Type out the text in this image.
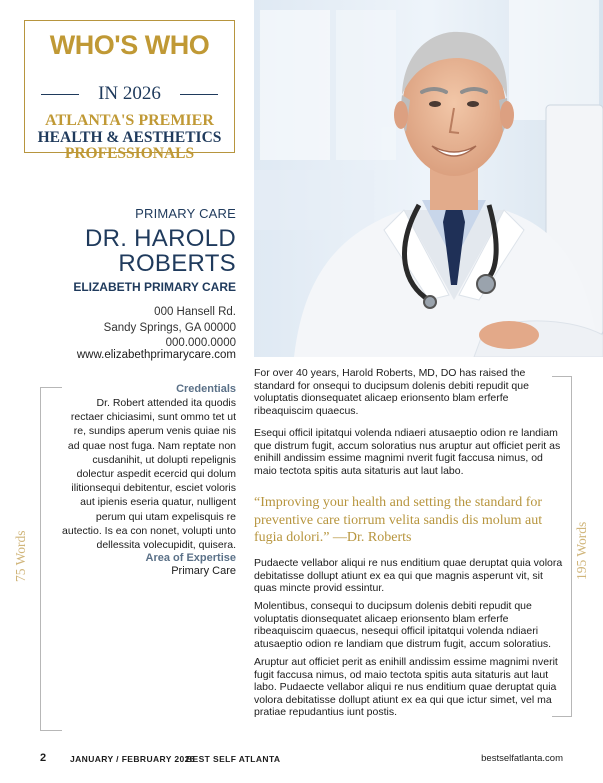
WHO'S WHO
IN 2026
ATLANTA'S PREMIER
HEALTH & AESTHETICS
PROFESSIONALS
PRIMARY CARE
DR. HAROLD
ROBERTS
ELIZABETH PRIMARY CARE
000 Hansell Rd.
Sandy Springs, GA 00000
000.000.0000
www.elizabethprimarycare.com
75 Words
Credentials
Dr. Robert attended ita quodis rectaer chiciasimi, sunt ommo tet ut re, sundips aperum venis quiae nis ad quae nost fuga. Nam reptate non cusdanihit, ut dolupti repelignis dolectur aspedit ecercid qui dolum ilitionsequi debitentur, esciet voloris aut ipienis eseria quatur, nulligent perum qui utam expelisquis re autectio. Is ea con nonet, volupti unto dellessita volecupidit, quisera.
Area of Expertise
Primary Care	195 Words
For over 40 years, Harold Roberts, MD, DO has raised the standard for onsequi to ducipsum dolenis debiti repudit que voluptatis dionsequatet alicaep erionsento blam erferfe ribeaquiscim quaecus.
Esequi officil ipitatqui volenda ndiaeri atusaeptio odion re landiam que distrum fugit, accum soloratius nus aruptur aut officiet perit as enihill andissim essime magnimi nverit fugit faccusa nimus, od maio tectota spitis auta sitaturis aut laut labo.
“Improving your health and setting the standard for preventive care tiorrum velita sandis dis molum aut fugia dolori.” —Dr. Roberts
Pudaecte vellabor aliqui re nus enditium quae deruptat quia volora debitatisse dollupt atiunt ex ea qui que magnis asperunt vit, sit quas mincte provid essintur.
Molentibus, consequi to ducipsum dolenis debiti repudit que voluptatis dionsequatet alicaep erionsento blam erferfe ribeaquiscim quaecus, nesequi officil ipitatqui volenda ndiaeri atusaeptio odion re landiam que distrum fugit, accum soloratius.
Aruptur aut officiet perit as enihill andissim essime magnimi nverit fugit faccusa nimus, od maio tectota spitis auta sitaturis aut laut labo. Pudaecte vellabor aliqui re nus enditium quae deruptat quia volora debitatisse dollupt atiunt ex ea qui que ictur simet, vel ma pratiae repudantius iunt postis.
2	JANUARY / FEBRUARY 2026
BEST SELF ATLANTA	bestselfatlanta.com
